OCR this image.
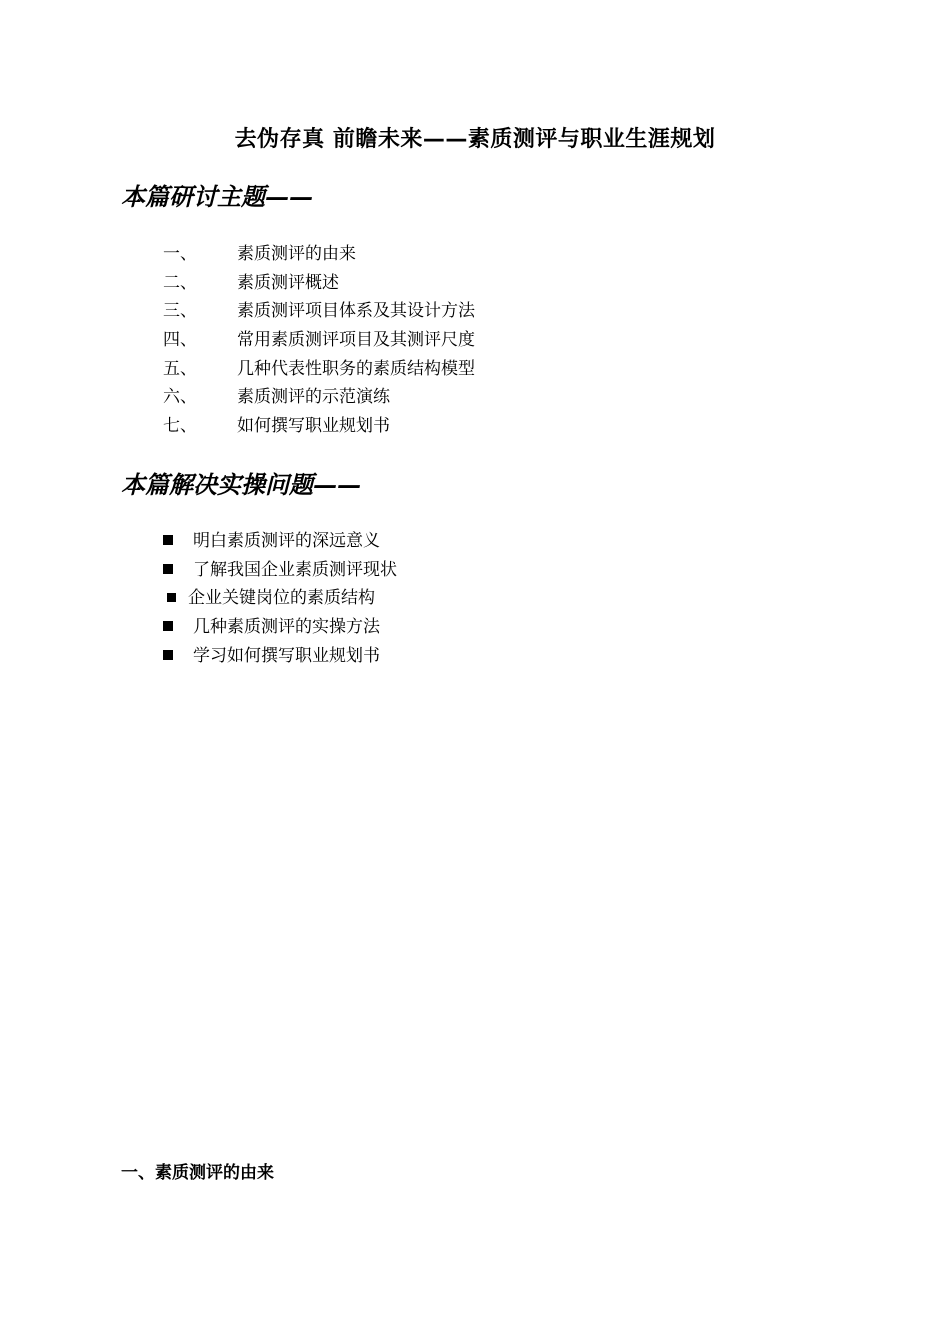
去伪存真 前瞻未来——素质测评与职业生涯规划
本篇研讨主题——
一、 素质测评的由来
二、 素质测评概述
三、 素质测评项目体系及其设计方法
四、 常用素质测评项目及其测评尺度
五、 几种代表性职务的素质结构模型
六、 素质测评的示范演练
七、 如何撰写职业规划书
本篇解决实操问题——
明白素质测评的深远意义
了解我国企业素质测评现状
企业关键岗位的素质结构
几种素质测评的实操方法
学习如何撰写职业规划书
一、素质测评的由来
